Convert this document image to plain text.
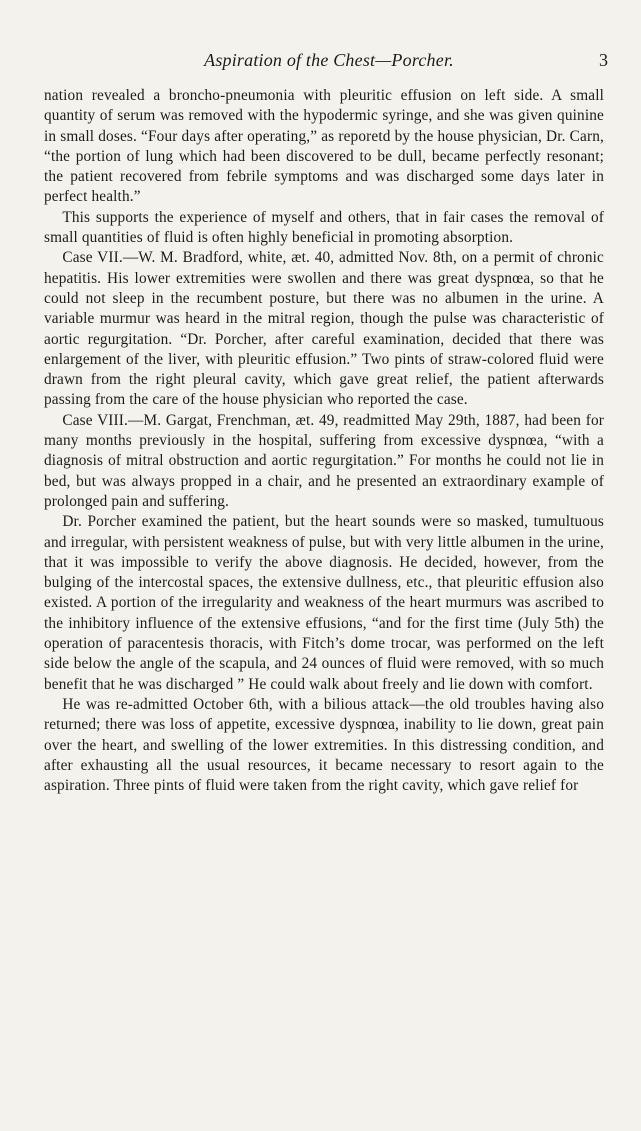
Aspiration of the Chest—Porcher.	3

nation revealed a broncho-pneumonia with pleuritic effusion on left side. A small quantity of serum was removed with the hypodermic syringe, and she was given quinine in small doses. “Four days after operating,” as reporetd by the house physician, Dr. Carn, “the portion of lung which had been discovered to be dull, became perfectly resonant; the patient recovered from febrile symptoms and was discharged some days later in perfect health.”

This supports the experience of myself and others, that in fair cases the removal of small quantities of fluid is often highly beneficial in promoting absorption.

Case VII.—W. M. Bradford, white, æt. 40, admitted Nov. 8th, on a permit of chronic hepatitis. His lower extremities were swollen and there was great dyspnœa, so that he could not sleep in the recumbent posture, but there was no albumen in the urine. A variable murmur was heard in the mitral region, though the pulse was characteristic of aortic regurgitation. “Dr. Porcher, after careful examination, decided that there was enlargement of the liver, with pleuritic effusion.” Two pints of straw-colored fluid were drawn from the right pleural cavity, which gave great relief, the patient afterwards passing from the care of the house physician who reported the case.

Case VIII.—M. Gargat, Frenchman, æt. 49, readmitted May 29th, 1887, had been for many months previously in the hospital, suffering from excessive dyspnœa, “with a diagnosis of mitral obstruction and aortic regurgitation.” For months he could not lie in bed, but was always propped in a chair, and he presented an extraordinary example of prolonged pain and suffering.

Dr. Porcher examined the patient, but the heart sounds were so masked, tumultuous and irregular, with persistent weakness of pulse, but with very little albumen in the urine, that it was impossible to verify the above diagnosis. He decided, however, from the bulging of the intercostal spaces, the extensive dullness, etc., that pleuritic effusion also existed. A portion of the irregularity and weakness of the heart murmurs was ascribed to the inhibitory influence of the extensive effusions, “and for the first time (July 5th) the operation of paracentesis thoracis, with Fitch’s dome trocar, was performed on the left side below the angle of the scapula, and 24 ounces of fluid were removed, with so much benefit that he was discharged ” He could walk about freely and lie down with comfort.

He was re-admitted October 6th, with a bilious attack—the old troubles having also returned; there was loss of appetite, excessive dyspnœa, inability to lie down, great pain over the heart, and swelling of the lower extremities. In this distressing condition, and after exhausting all the usual resources, it became necessary to resort again to the aspiration. Three pints of fluid were taken from the right cavity, which gave relief for
